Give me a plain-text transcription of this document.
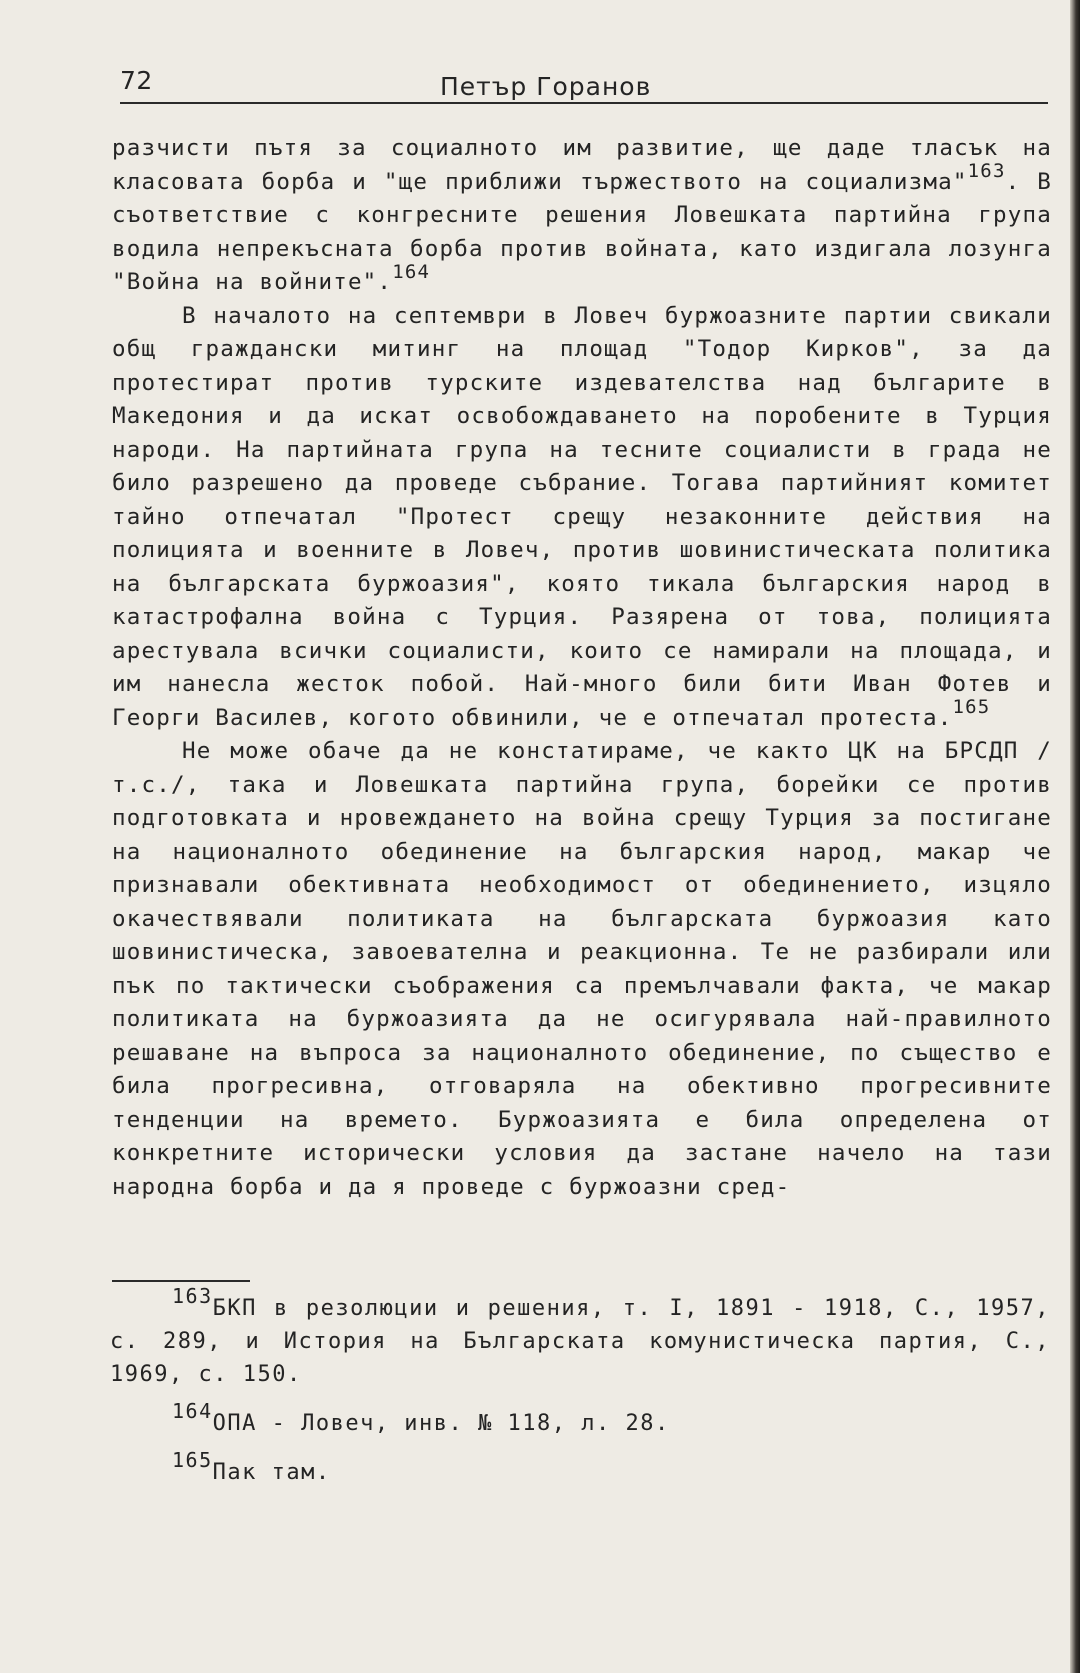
72	Петър Горанов

разчисти пътя за социалното им развитие, ще даде тласък на класовата борба и "ще приближи тържеството на социализма"$^{163}$. В съответствие с конгресните решения Ловешката партийна група водила непрекъсната борба против войната, като издигала лозунга "Война на войните".$^{164}$

В началото на септември в Ловеч буржоазните партии свикали общ граждански митинг на площад "Тодор Кирков", за да протестират против турските издевателства над българите в Македония и да искат освобождаването на поробените в Турция народи. На партийната група на тесните социалисти в града не било разрешено да проведе събрание. Тогава партийният комитет тайно отпечатал "Протест срещу незаконните действия на полицията и военните в Ловеч, против шовинистическата политика на българската буржоазия", която тикала българския народ в катастрофална война с Турция. Разярена от това, полицията арестувала всички социалисти, които се намирали на площада, и им нанесла жесток побой. Най-много били бити Иван Фотев и Георги Василев, когото обвинили, че е отпечатал протеста.$^{165}$

Не може обаче да не констатираме, че както ЦК на БРСДП /т.с./, така и Ловешката партийна група, борейки се против подготовката и нровеждането на война срещу Турция за постигане на националното обединение на българския народ, макар че признавали обективната необходимост от обединението, изцяло окачествявали политиката на българската буржоазия като шовинистическа, завоевателна и реакционна. Те не разбирали или пък по тактически съображения са премълчавали факта, че макар политиката на буржоазията да не осигурявала най-правилното решаване на въпроса за националното обединение, по същество е била прогресивна, отговаряла на обективно прогресивните тенденции на времето. Буржоазията е била определена от конкретните исторически условия да застане начело на тази народна борба и да я проведе с буржоазни сред-

163БКП в резолюции и решения, т. I, 1891 - 1918, С., 1957, с. 289, и История на Българската комунистическа партия, С., 1969, с. 150.

164ОПА - Ловеч, инв. № 118, л. 28.

165Пак там.
